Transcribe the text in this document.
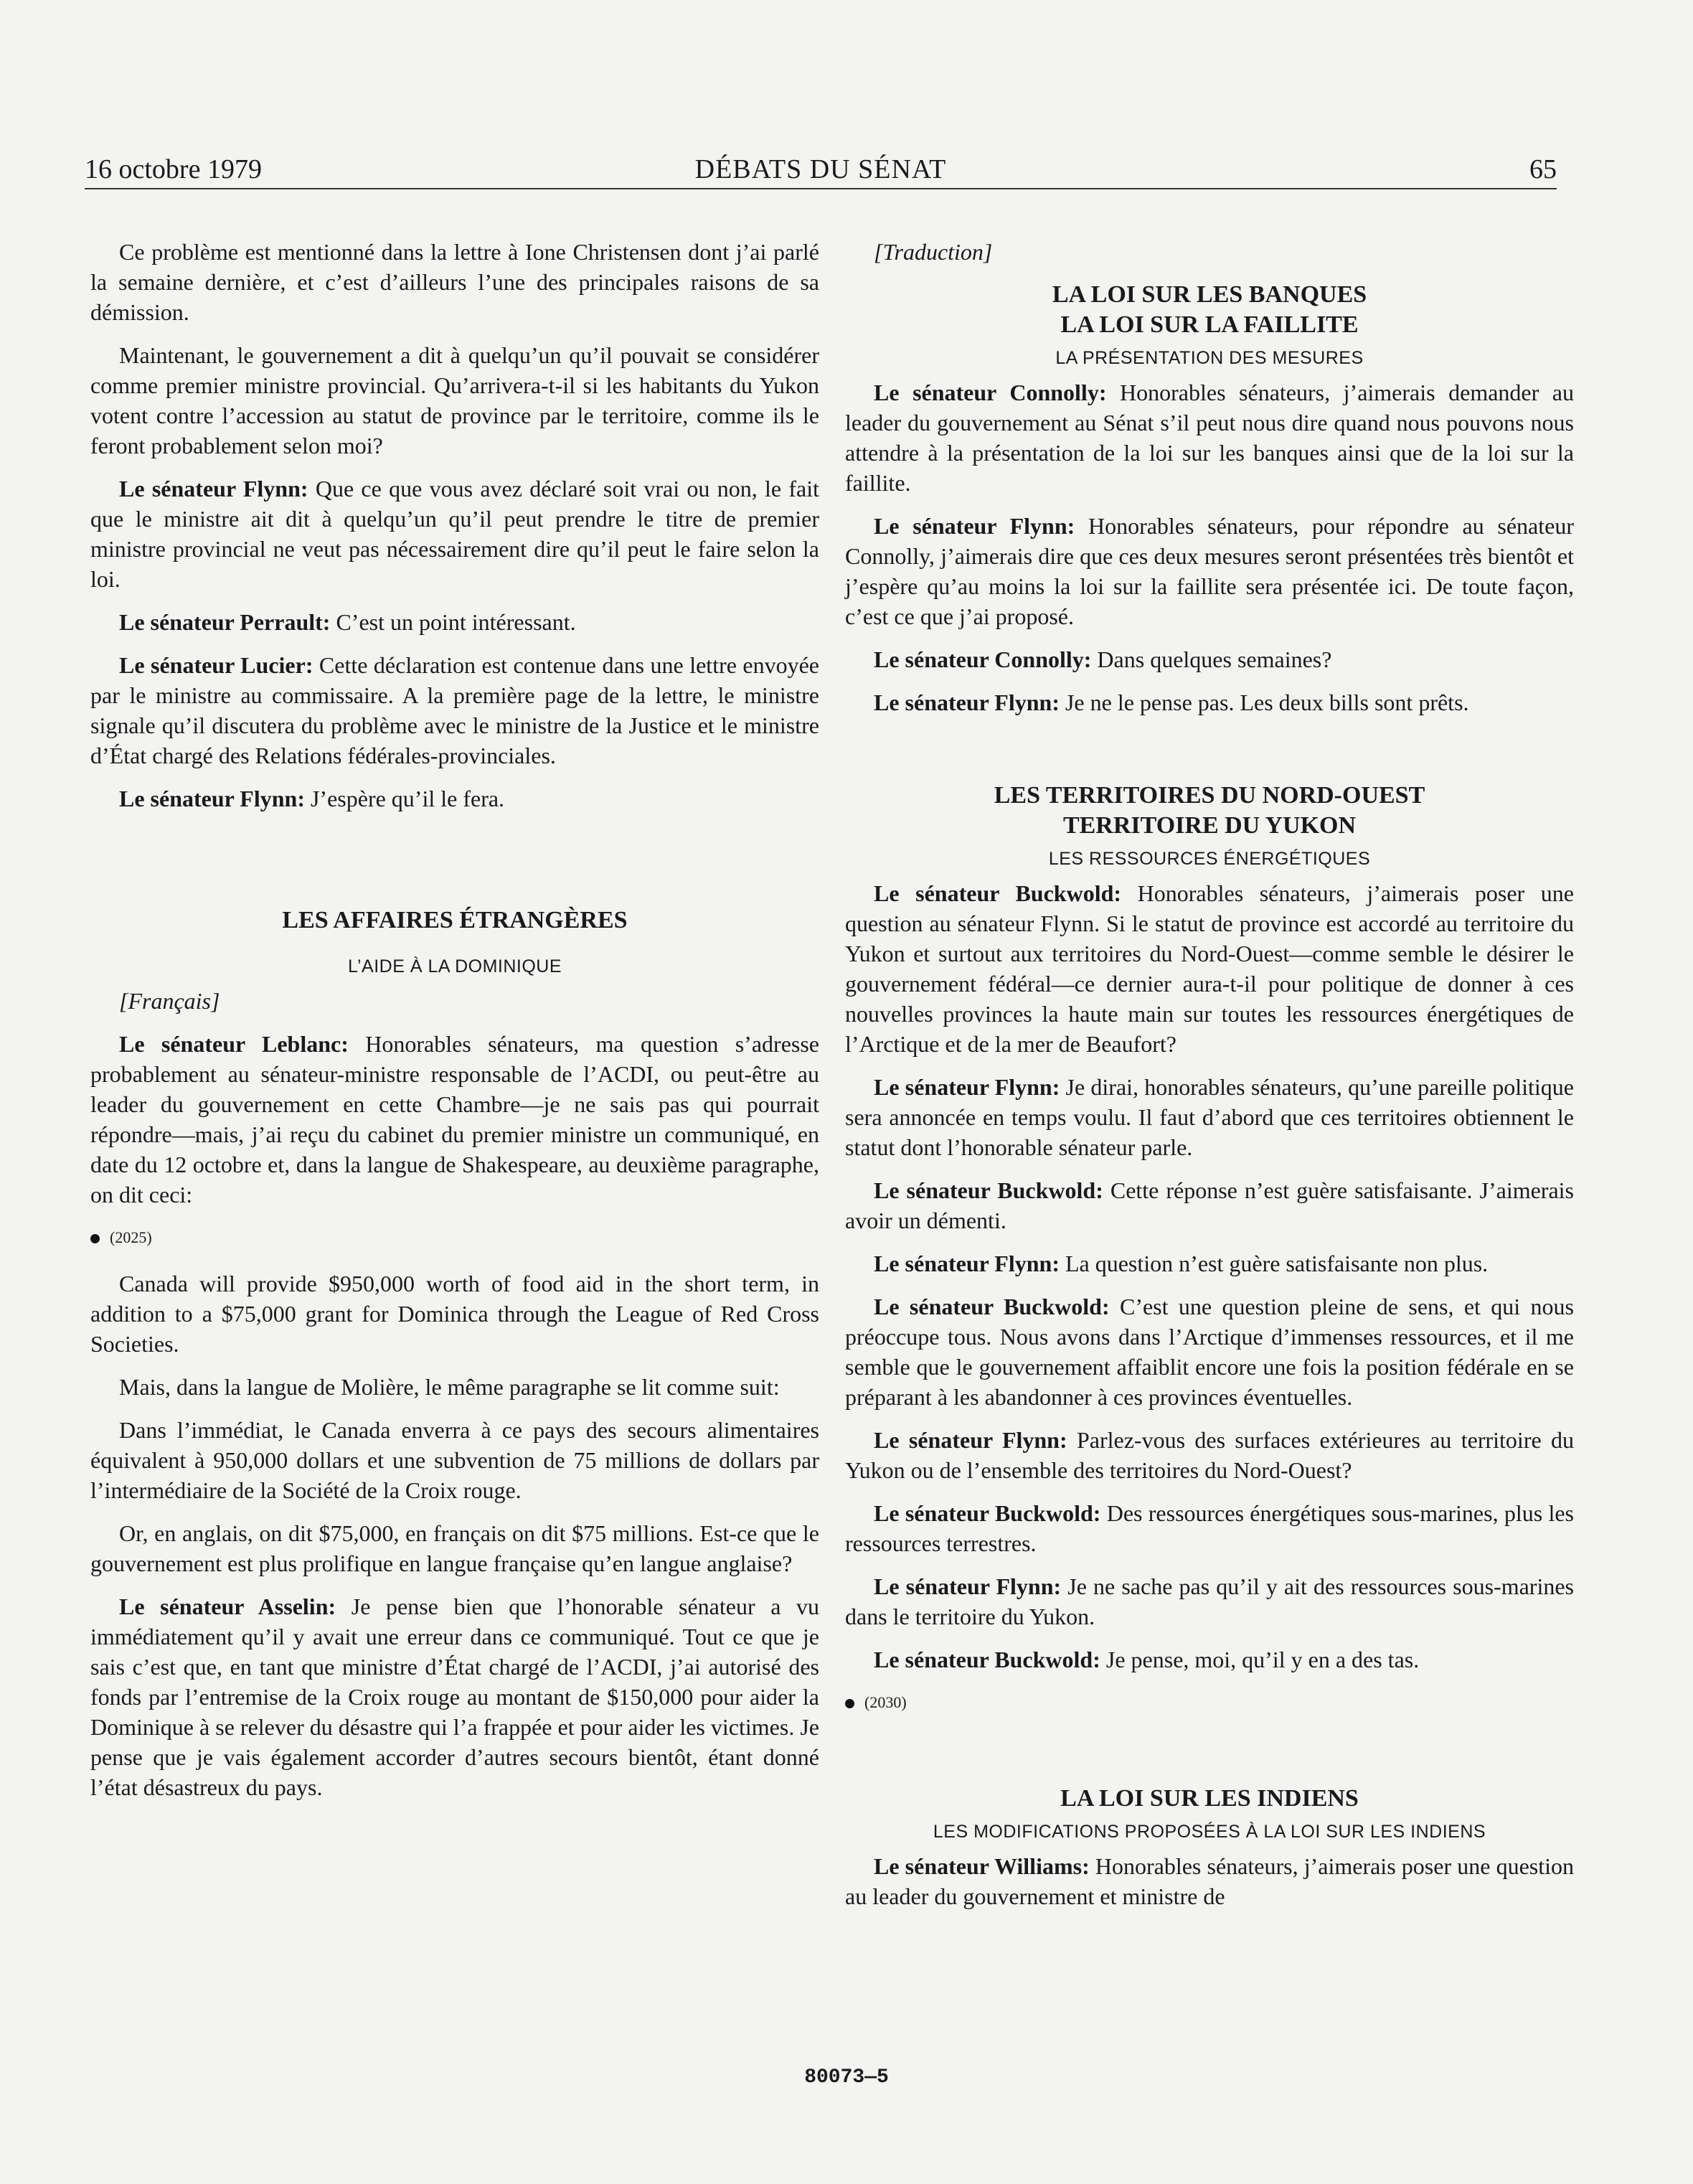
16 octobre 1979	DÉBATS DU SÉNAT	65

Ce problème est mentionné dans la lettre à Ione Christensen dont j’ai parlé la semaine dernière, et c’est d’ailleurs l’une des principales raisons de sa démission.

Maintenant, le gouvernement a dit à quelqu’un qu’il pouvait se considérer comme premier ministre provincial. Qu’arrivera-t-il si les habitants du Yukon votent contre l’accession au statut de province par le territoire, comme ils le feront probablement selon moi?

Le sénateur Flynn: Que ce que vous avez déclaré soit vrai ou non, le fait que le ministre ait dit à quelqu’un qu’il peut prendre le titre de premier ministre provincial ne veut pas nécessairement dire qu’il peut le faire selon la loi.

Le sénateur Perrault: C’est un point intéressant.

Le sénateur Lucier: Cette déclaration est contenue dans une lettre envoyée par le ministre au commissaire. A la première page de la lettre, le ministre signale qu’il discutera du problème avec le ministre de la Justice et le ministre d’État chargé des Relations fédérales-provinciales.

Le sénateur Flynn: J’espère qu’il le fera.

LES AFFAIRES ÉTRANGÈRES
L’AIDE À LA DOMINIQUE

[Français]

Le sénateur Leblanc: Honorables sénateurs, ma question s’adresse probablement au sénateur-ministre responsable de l’ACDI, ou peut-être au leader du gouvernement en cette Chambre—je ne sais pas qui pourrait répondre—mais, j’ai reçu du cabinet du premier ministre un communiqué, en date du 12 octobre et, dans la langue de Shakespeare, au deuxième paragraphe, on dit ceci:

(2025)

Canada will provide $950,000 worth of food aid in the short term, in addition to a $75,000 grant for Dominica through the League of Red Cross Societies.

Mais, dans la langue de Molière, le même paragraphe se lit comme suit:

Dans l’immédiat, le Canada enverra à ce pays des secours alimentaires équivalent à 950,000 dollars et une subvention de 75 millions de dollars par l’intermédiaire de la Société de la Croix rouge.

Or, en anglais, on dit $75,000, en français on dit $75 millions. Est-ce que le gouvernement est plus prolifique en langue française qu’en langue anglaise?

Le sénateur Asselin: Je pense bien que l’honorable sénateur a vu immédiatement qu’il y avait une erreur dans ce communiqué. Tout ce que je sais c’est que, en tant que ministre d’État chargé de l’ACDI, j’ai autorisé des fonds par l’entremise de la Croix rouge au montant de $150,000 pour aider la Dominique à se relever du désastre qui l’a frappée et pour aider les victimes. Je pense que je vais également accorder d’autres secours bientôt, étant donné l’état désastreux du pays.

[Traduction]

LA LOI SUR LES BANQUES
LA LOI SUR LA FAILLITE
LA PRÉSENTATION DES MESURES

Le sénateur Connolly: Honorables sénateurs, j’aimerais demander au leader du gouvernement au Sénat s’il peut nous dire quand nous pouvons nous attendre à la présentation de la loi sur les banques ainsi que de la loi sur la faillite.

Le sénateur Flynn: Honorables sénateurs, pour répondre au sénateur Connolly, j’aimerais dire que ces deux mesures seront présentées très bientôt et j’espère qu’au moins la loi sur la faillite sera présentée ici. De toute façon, c’est ce que j’ai proposé.

Le sénateur Connolly: Dans quelques semaines?

Le sénateur Flynn: Je ne le pense pas. Les deux bills sont prêts.

LES TERRITOIRES DU NORD-OUEST
TERRITOIRE DU YUKON
LES RESSOURCES ÉNERGÉTIQUES

Le sénateur Buckwold: Honorables sénateurs, j’aimerais poser une question au sénateur Flynn. Si le statut de province est accordé au territoire du Yukon et surtout aux territoires du Nord-Ouest—comme semble le désirer le gouvernement fédéral—ce dernier aura-t-il pour politique de donner à ces nouvelles provinces la haute main sur toutes les ressources énergétiques de l’Arctique et de la mer de Beaufort?

Le sénateur Flynn: Je dirai, honorables sénateurs, qu’une pareille politique sera annoncée en temps voulu. Il faut d’abord que ces territoires obtiennent le statut dont l’honorable sénateur parle.

Le sénateur Buckwold: Cette réponse n’est guère satisfaisante. J’aimerais avoir un démenti.

Le sénateur Flynn: La question n’est guère satisfaisante non plus.

Le sénateur Buckwold: C’est une question pleine de sens, et qui nous préoccupe tous. Nous avons dans l’Arctique d’immenses ressources, et il me semble que le gouvernement affaiblit encore une fois la position fédérale en se préparant à les abandonner à ces provinces éventuelles.

Le sénateur Flynn: Parlez-vous des surfaces extérieures au territoire du Yukon ou de l’ensemble des territoires du Nord-Ouest?

Le sénateur Buckwold: Des ressources énergétiques sous-marines, plus les ressources terrestres.

Le sénateur Flynn: Je ne sache pas qu’il y ait des ressources sous-marines dans le territoire du Yukon.

Le sénateur Buckwold: Je pense, moi, qu’il y en a des tas.

(2030)
LA LOI SUR LES INDIENS
LES MODIFICATIONS PROPOSÉES À LA LOI SUR LES INDIENS

Le sénateur Williams: Honorables sénateurs, j’aimerais poser une question au leader du gouvernement et ministre de

80073—5
